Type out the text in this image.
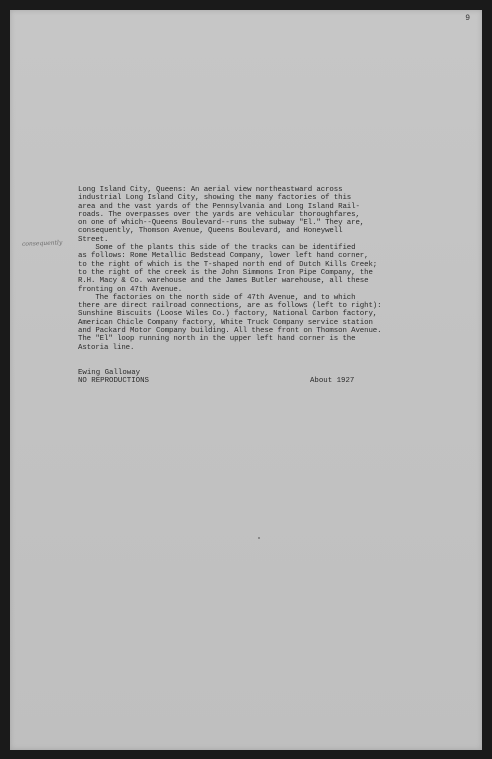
9
consequently
Long Island City, Queens: An aerial view northeastward across
industrial Long Island City, showing the many factories of this
area and the vast yards of the Pennsylvania and Long Island Rail-
roads. The overpasses over the yards are vehicular thoroughfares,
on one of which--Queens Boulevard--runs the subway "El." They are,
consequently, Thomson Avenue, Queens Boulevard, and Honeywell
Street.
Some of the plants this side of the tracks can be identified
as follows: Rome Metallic Bedstead Company, lower left hand corner,
to the right of which is the T-shaped north end of Dutch Kills Creek;
to the right of the creek is the John Simmons Iron Pipe Company, the
R.H. Macy & Co. warehouse and the James Butler warehouse, all these
fronting on 47th Avenue.
The factories on the north side of 47th Avenue, and to which
there are direct railroad connections, are as follows (left to right):
Sunshine Biscuits (Loose Wiles Co.) factory, National Carbon factory,
American Chicle Company factory, White Truck Company service station
and Packard Motor Company building. All these front on Thomson Avenue.
The "El" loop running north in the upper left hand corner is the
Astoria line.
Ewing Galloway
NO REPRODUCTIONS	About 1927
